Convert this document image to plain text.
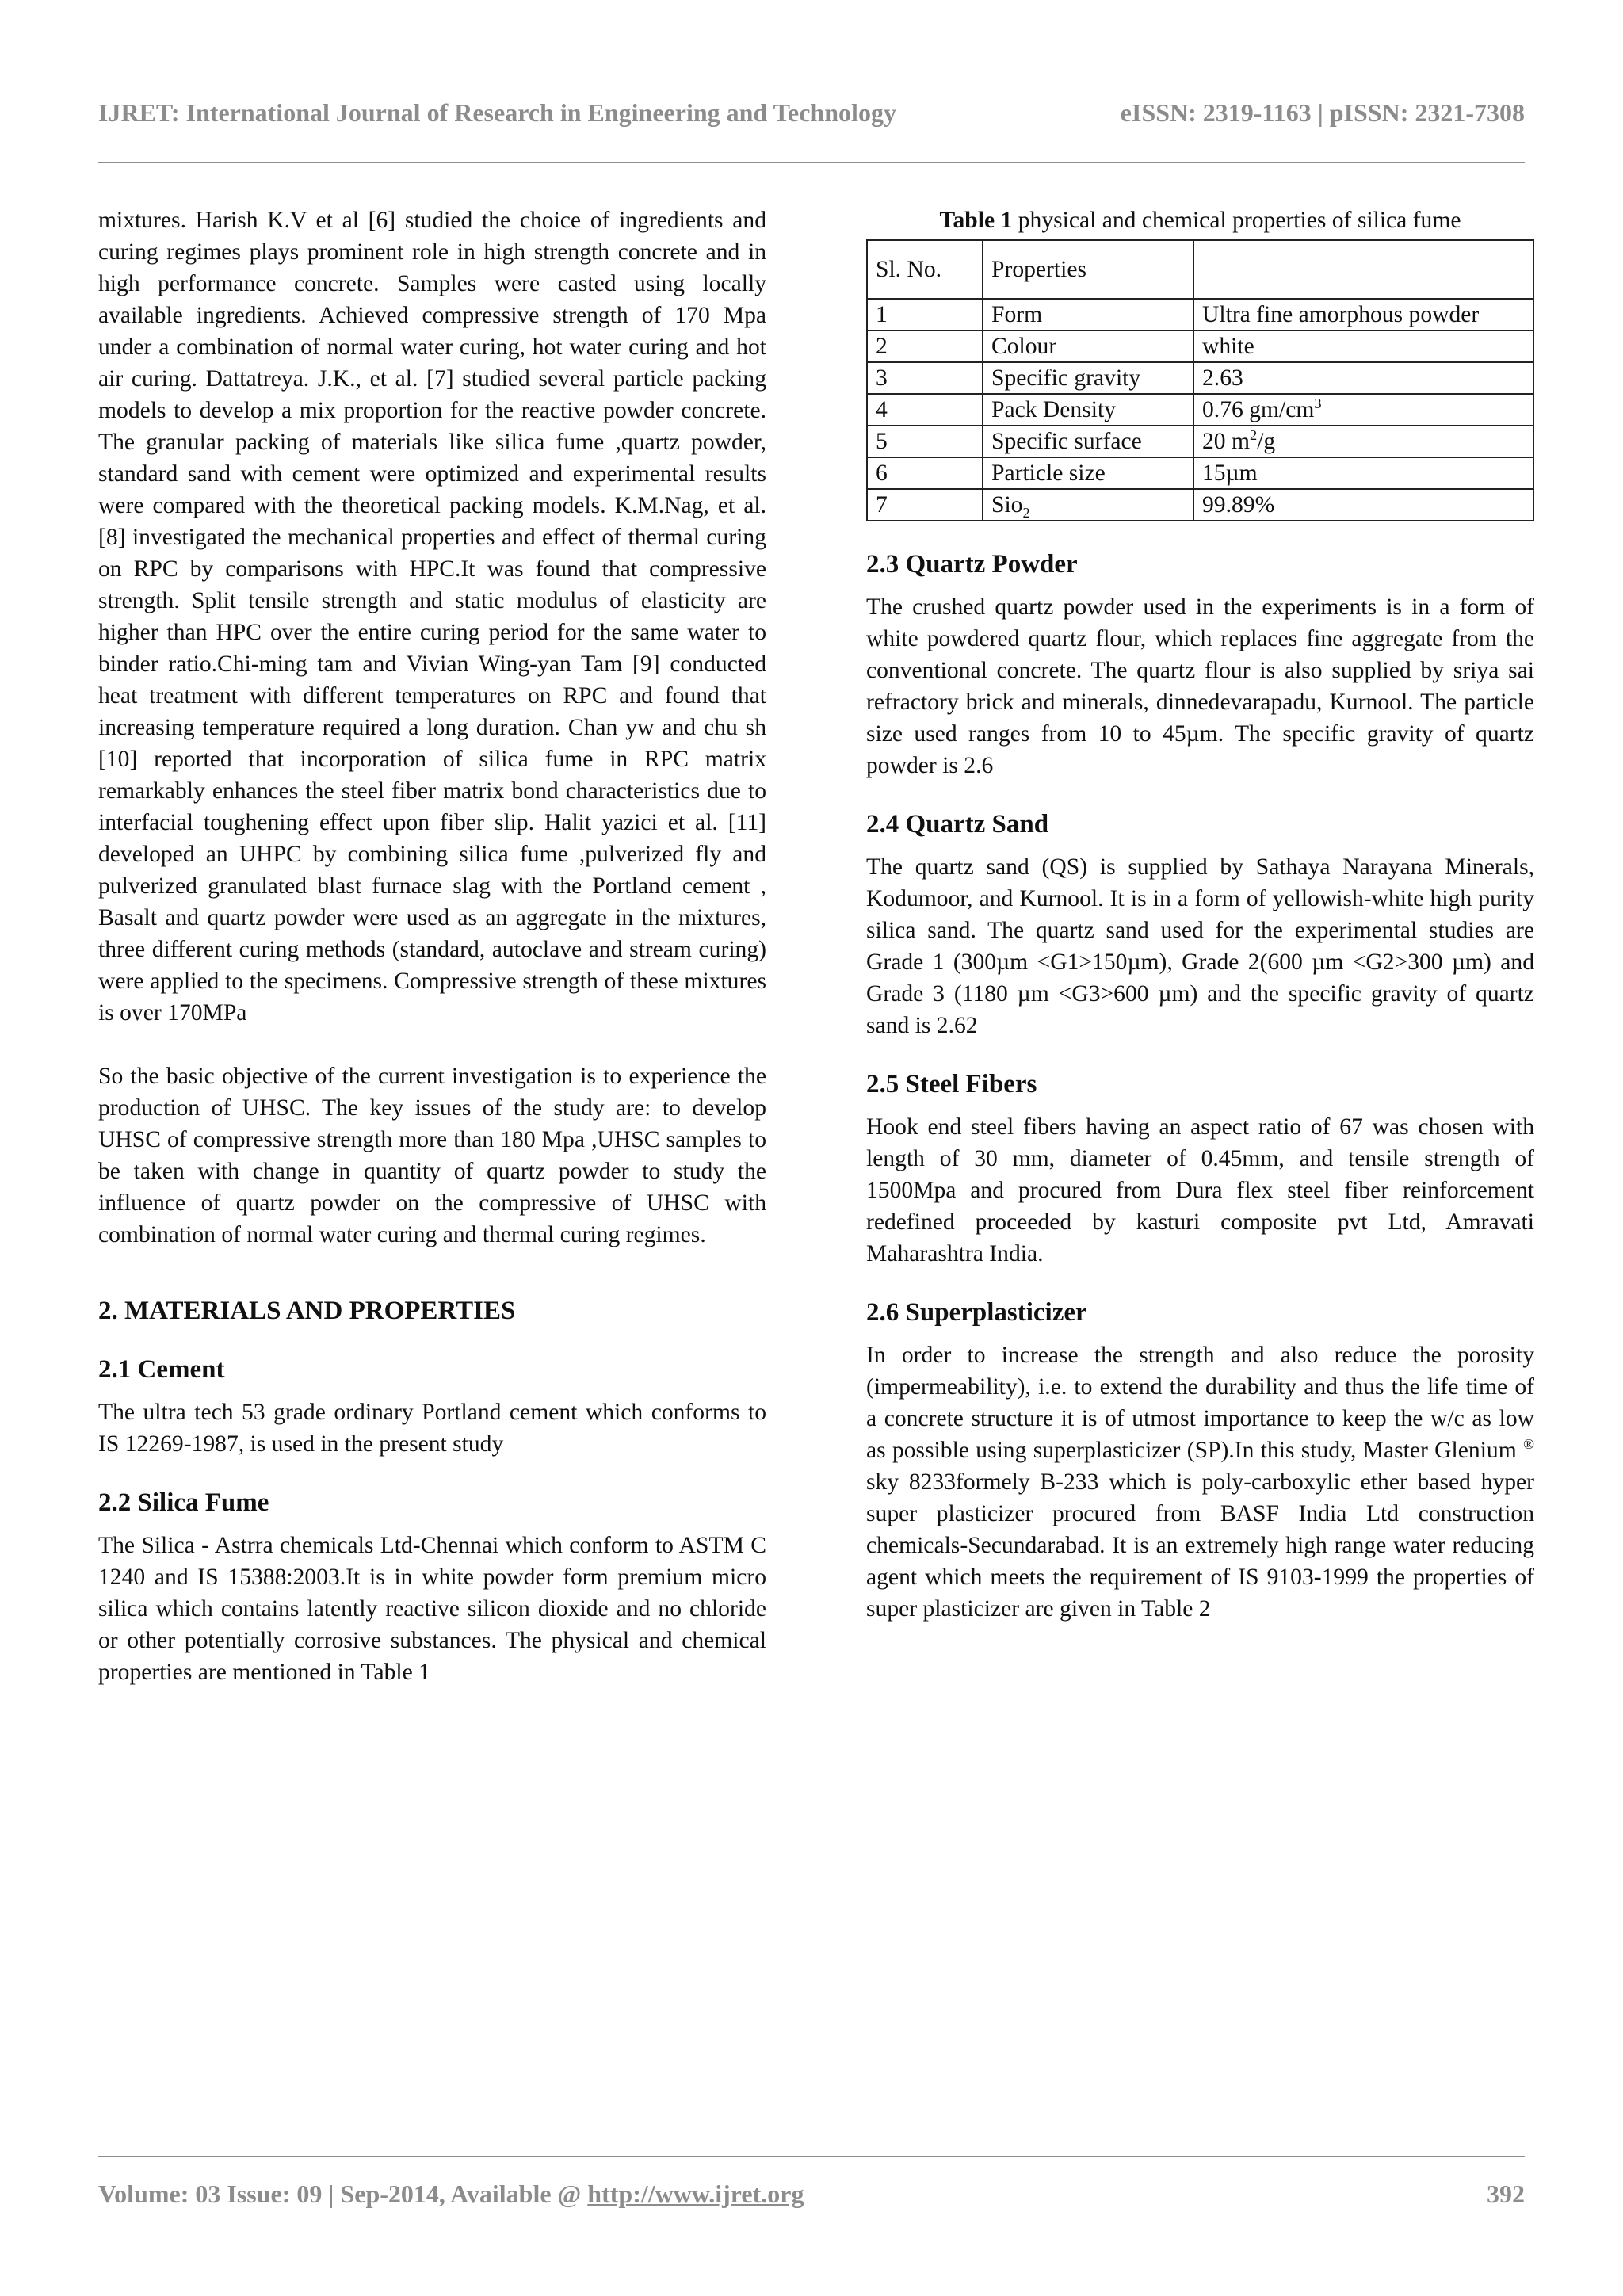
IJRET: International Journal of Research in Engineering and Technology	eISSN: 2319-1163 | pISSN: 2321-7308

mixtures. Harish K.V et al [6] studied the choice of ingredients and curing regimes plays prominent role in high strength concrete and in high performance concrete. Samples were casted using locally available ingredients. Achieved compressive strength of 170 Mpa under a combination of normal water curing, hot water curing and hot air curing. Dattatreya. J.K., et al. [7] studied several particle packing models to develop a mix proportion for the reactive powder concrete. The granular packing of materials like silica fume ,quartz powder, standard sand with cement were optimized and experimental results were compared with the theoretical packing models. K.M.Nag, et al. [8] investigated the mechanical properties and effect of thermal curing on RPC by comparisons with HPC.It was found that compressive strength. Split tensile strength and static modulus of elasticity are higher than HPC over the entire curing period for the same water to binder ratio.Chi-ming tam and Vivian Wing-yan Tam [9] conducted heat treatment with different temperatures on RPC and found that increasing temperature required a long duration. Chan yw and chu sh [10] reported that incorporation of silica fume in RPC matrix remarkably enhances the steel fiber matrix bond characteristics due to interfacial toughening effect upon fiber slip. Halit yazici et al. [11] developed an UHPC by combining silica fume ,pulverized fly and pulverized granulated blast furnace slag with the Portland cement , Basalt and quartz powder were used as an aggregate in the mixtures, three different curing methods (standard, autoclave and stream curing) were applied to the specimens. Compressive strength of these mixtures is over 170MPa

So the basic objective of the current investigation is to experience the production of UHSC. The key issues of the study are: to develop UHSC of compressive strength more than 180 Mpa ,UHSC samples to be taken with change in quantity of quartz powder to study the influence of quartz powder on the compressive of UHSC with combination of normal water curing and thermal curing regimes.

2. MATERIALS AND PROPERTIES
2.1 Cement

The ultra tech 53 grade ordinary Portland cement which conforms to IS 12269-1987, is used in the present study

2.2 Silica Fume

The Silica - Astrra chemicals Ltd-Chennai which conform to ASTM C 1240 and IS 15388:2003.It is in white powder form premium micro silica which contains latently reactive silicon dioxide and no chloride or other potentially corrosive substances. The physical and chemical properties are mentioned in Table 1

Table 1 physical and chemical properties of silica fume
Sl. No.	Properties	
1	Form	Ultra fine amorphous powder
2	Colour	white
3	Specific gravity	2.63
4	Pack Density	0.76 $gm/cm^3$
5	Specific surface	20 $m^2/g$
6	Particle size	15µm
7	Sio$_2$	99.89%
2.3 Quartz Powder

The crushed quartz powder used in the experiments is in a form of white powdered quartz flour, which replaces fine aggregate from the conventional concrete. The quartz flour is also supplied by sriya sai refractory brick and minerals, dinnedevarapadu, Kurnool. The particle size used ranges from 10 to 45µm. The specific gravity of quartz powder is 2.6

2.4 Quartz Sand

The quartz sand (QS) is supplied by Sathaya Narayana Minerals, Kodumoor, and Kurnool. It is in a form of yellowish-white high purity silica sand. The quartz sand used for the experimental studies are Grade 1 (300µm <G1>150µm), Grade 2(600 µm <G2>300 µm) and Grade 3 (1180 µm <G3>600 µm) and the specific gravity of quartz sand is 2.62

2.5 Steel Fibers

Hook end steel fibers having an aspect ratio of 67 was chosen with length of 30 mm, diameter of 0.45mm, and tensile strength of 1500Mpa and procured from Dura flex steel fiber reinforcement redefined proceeded by kasturi composite pvt Ltd, Amravati Maharashtra India.

2.6 Superplasticizer

In order to increase the strength and also reduce the porosity (impermeability), i.e. to extend the durability and thus the life time of a concrete structure it is of utmost importance to keep the w/c as low as possible using superplasticizer (SP).In this study, Master Glenium ® sky 8233formely B-233 which is poly-carboxylic ether based hyper super plasticizer procured from BASF India Ltd construction chemicals-Secundarabad. It is an extremely high range water reducing agent which meets the requirement of IS 9103-1999 the properties of super plasticizer are given in Table 2

Volume: 03 Issue: 09 | Sep-2014, Available @ http://www.ijret.org	392
